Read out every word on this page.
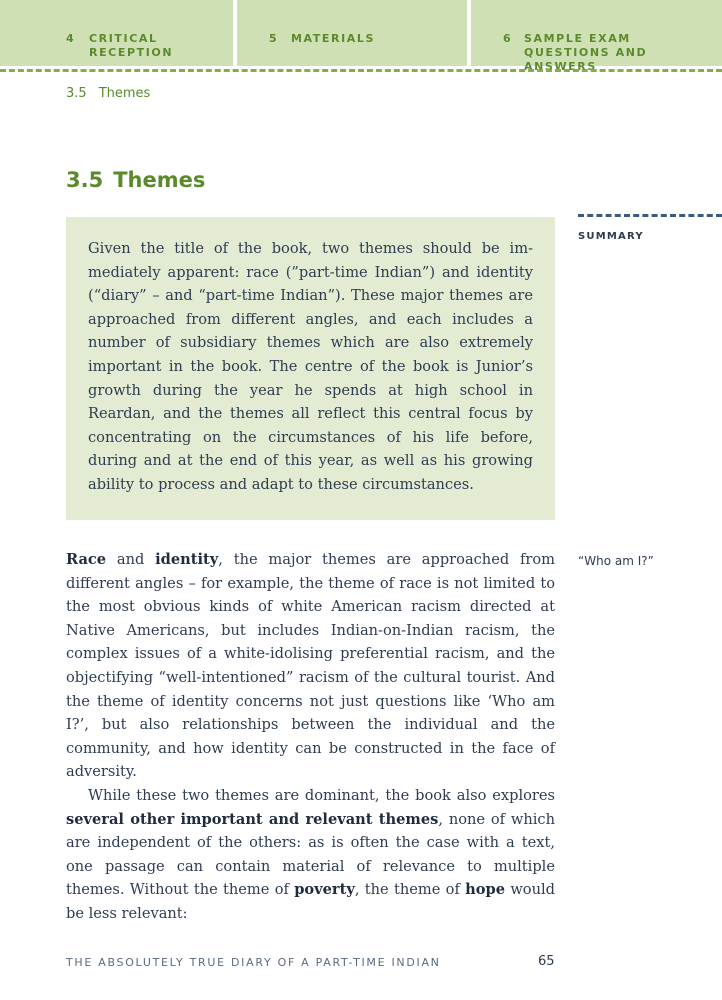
4 CRITICAL
RECEPTION
5 MATERIALS	6 SAMPLE EXAM
QUESTIONS AND ANSWERS
3.5 Themes
3.5 Themes

Given the title of the book, two themes should be immediately apparent: race (”part-time Indian”) and identity (“diary” – and “part-time Indian”). These major themes are approached from different angles, and each includes a number of subsidiary themes which are also extremely important in the book. The centre of the book is Junior’s growth during the year he spends at high school in Reardan, and the themes all reflect this central focus by concentrating on the circumstances of his life before, during and at the end of this year, as well as his growing ability to process and adapt to these circumstances.

SUMMARY
“Who am I?”

Race and identity, the major themes are approached from different angles – for example, the theme of race is not limited to the most obvious kinds of white American racism directed at Native Americans, but includes Indian-on-Indian racism, the complex issues of a white-idolising preferential racism, and the objectifying “well-intentioned” racism of the cultural tourist. And the theme of identity concerns not just questions like ‘Who am I?’, but also relationships between the individual and the community, and how identity can be constructed in the face of adversity.

While these two themes are dominant, the book also explores several other important and relevant themes, none of which are independent of the others: as is often the case with a text, one passage can contain material of relevance to multiple themes. Without the theme of poverty, the theme of hope would be less relevant:

THE ABSOLUTELY TRUE DIARY OF A PART-TIME INDIAN	65
